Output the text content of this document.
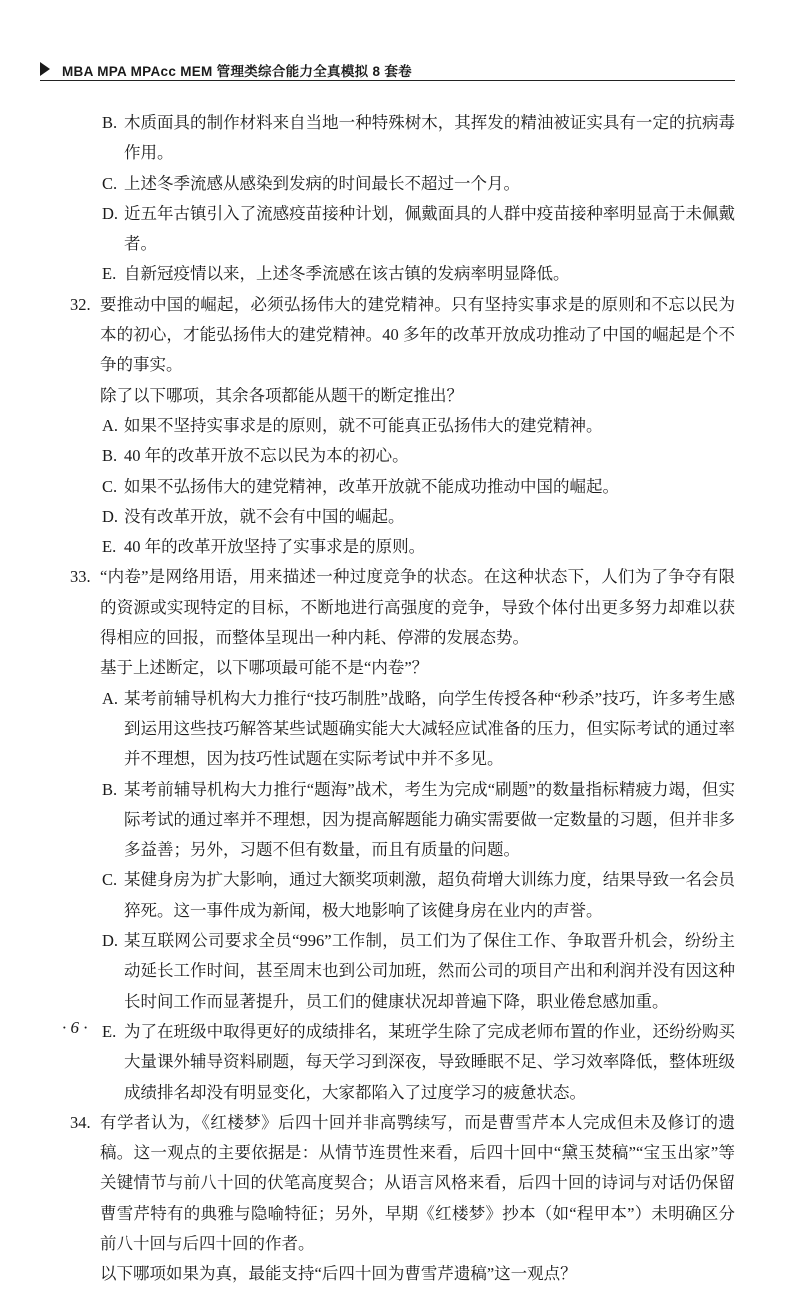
MBA MPA MPAcc MEM 管理类综合能力全真模拟 8 套卷

B. 木质面具的制作材料来自当地一种特殊树木，其挥发的精油被证实具有一定的抗病毒作用。

C. 上述冬季流感从感染到发病的时间最长不超过一个月。

D. 近五年古镇引入了流感疫苗接种计划，佩戴面具的人群中疫苗接种率明显高于未佩戴者。

E. 自新冠疫情以来，上述冬季流感在该古镇的发病率明显降低。

32. 要推动中国的崛起，必须弘扬伟大的建党精神。只有坚持实事求是的原则和不忘以民为本的初心，才能弘扬伟大的建党精神。40 多年的改革开放成功推动了中国的崛起是个不争的事实。

除了以下哪项，其余各项都能从题干的断定推出？

A. 如果不坚持实事求是的原则，就不可能真正弘扬伟大的建党精神。

B. 40 年的改革开放不忘以民为本的初心。

C. 如果不弘扬伟大的建党精神，改革开放就不能成功推动中国的崛起。

D. 没有改革开放，就不会有中国的崛起。

E. 40 年的改革开放坚持了实事求是的原则。

33. “内卷”是网络用语，用来描述一种过度竞争的状态。在这种状态下，人们为了争夺有限的资源或实现特定的目标，不断地进行高强度的竞争，导致个体付出更多努力却难以获得相应的回报，而整体呈现出一种内耗、停滞的发展态势。

基于上述断定，以下哪项最可能不是“内卷”？

A. 某考前辅导机构大力推行“技巧制胜”战略，向学生传授各种“秒杀”技巧，许多考生感到运用这些技巧解答某些试题确实能大大减轻应试准备的压力，但实际考试的通过率并不理想，因为技巧性试题在实际考试中并不多见。

B. 某考前辅导机构大力推行“题海”战术，考生为完成“刷题”的数量指标精疲力竭，但实际考试的通过率并不理想，因为提高解题能力确实需要做一定数量的习题，但并非多多益善；另外，习题不但有数量，而且有质量的问题。

C. 某健身房为扩大影响，通过大额奖项刺激，超负荷增大训练力度，结果导致一名会员猝死。这一事件成为新闻，极大地影响了该健身房在业内的声誉。

D. 某互联网公司要求全员“996”工作制，员工们为了保住工作、争取晋升机会，纷纷主动延长工作时间，甚至周末也到公司加班，然而公司的项目产出和利润并没有因这种长时间工作而显著提升，员工们的健康状况却普遍下降，职业倦怠感加重。

E. 为了在班级中取得更好的成绩排名，某班学生除了完成老师布置的作业，还纷纷购买大量课外辅导资料刷题，每天学习到深夜，导致睡眠不足、学习效率降低，整体班级成绩排名却没有明显变化，大家都陷入了过度学习的疲惫状态。

34. 有学者认为，《红楼梦》后四十回并非高鹗续写，而是曹雪芹本人完成但未及修订的遗稿。这一观点的主要依据是：从情节连贯性来看，后四十回中“黛玉焚稿”“宝玉出家”等关键情节与前八十回的伏笔高度契合；从语言风格来看，后四十回的诗词与对话仍保留曹雪芹特有的典雅与隐喻特征；另外，早期《红楼梦》抄本（如“程甲本”）未明确区分前八十回与后四十回的作者。

以下哪项如果为真，最能支持“后四十回为曹雪芹遗稿”这一观点？

· 6 ·
